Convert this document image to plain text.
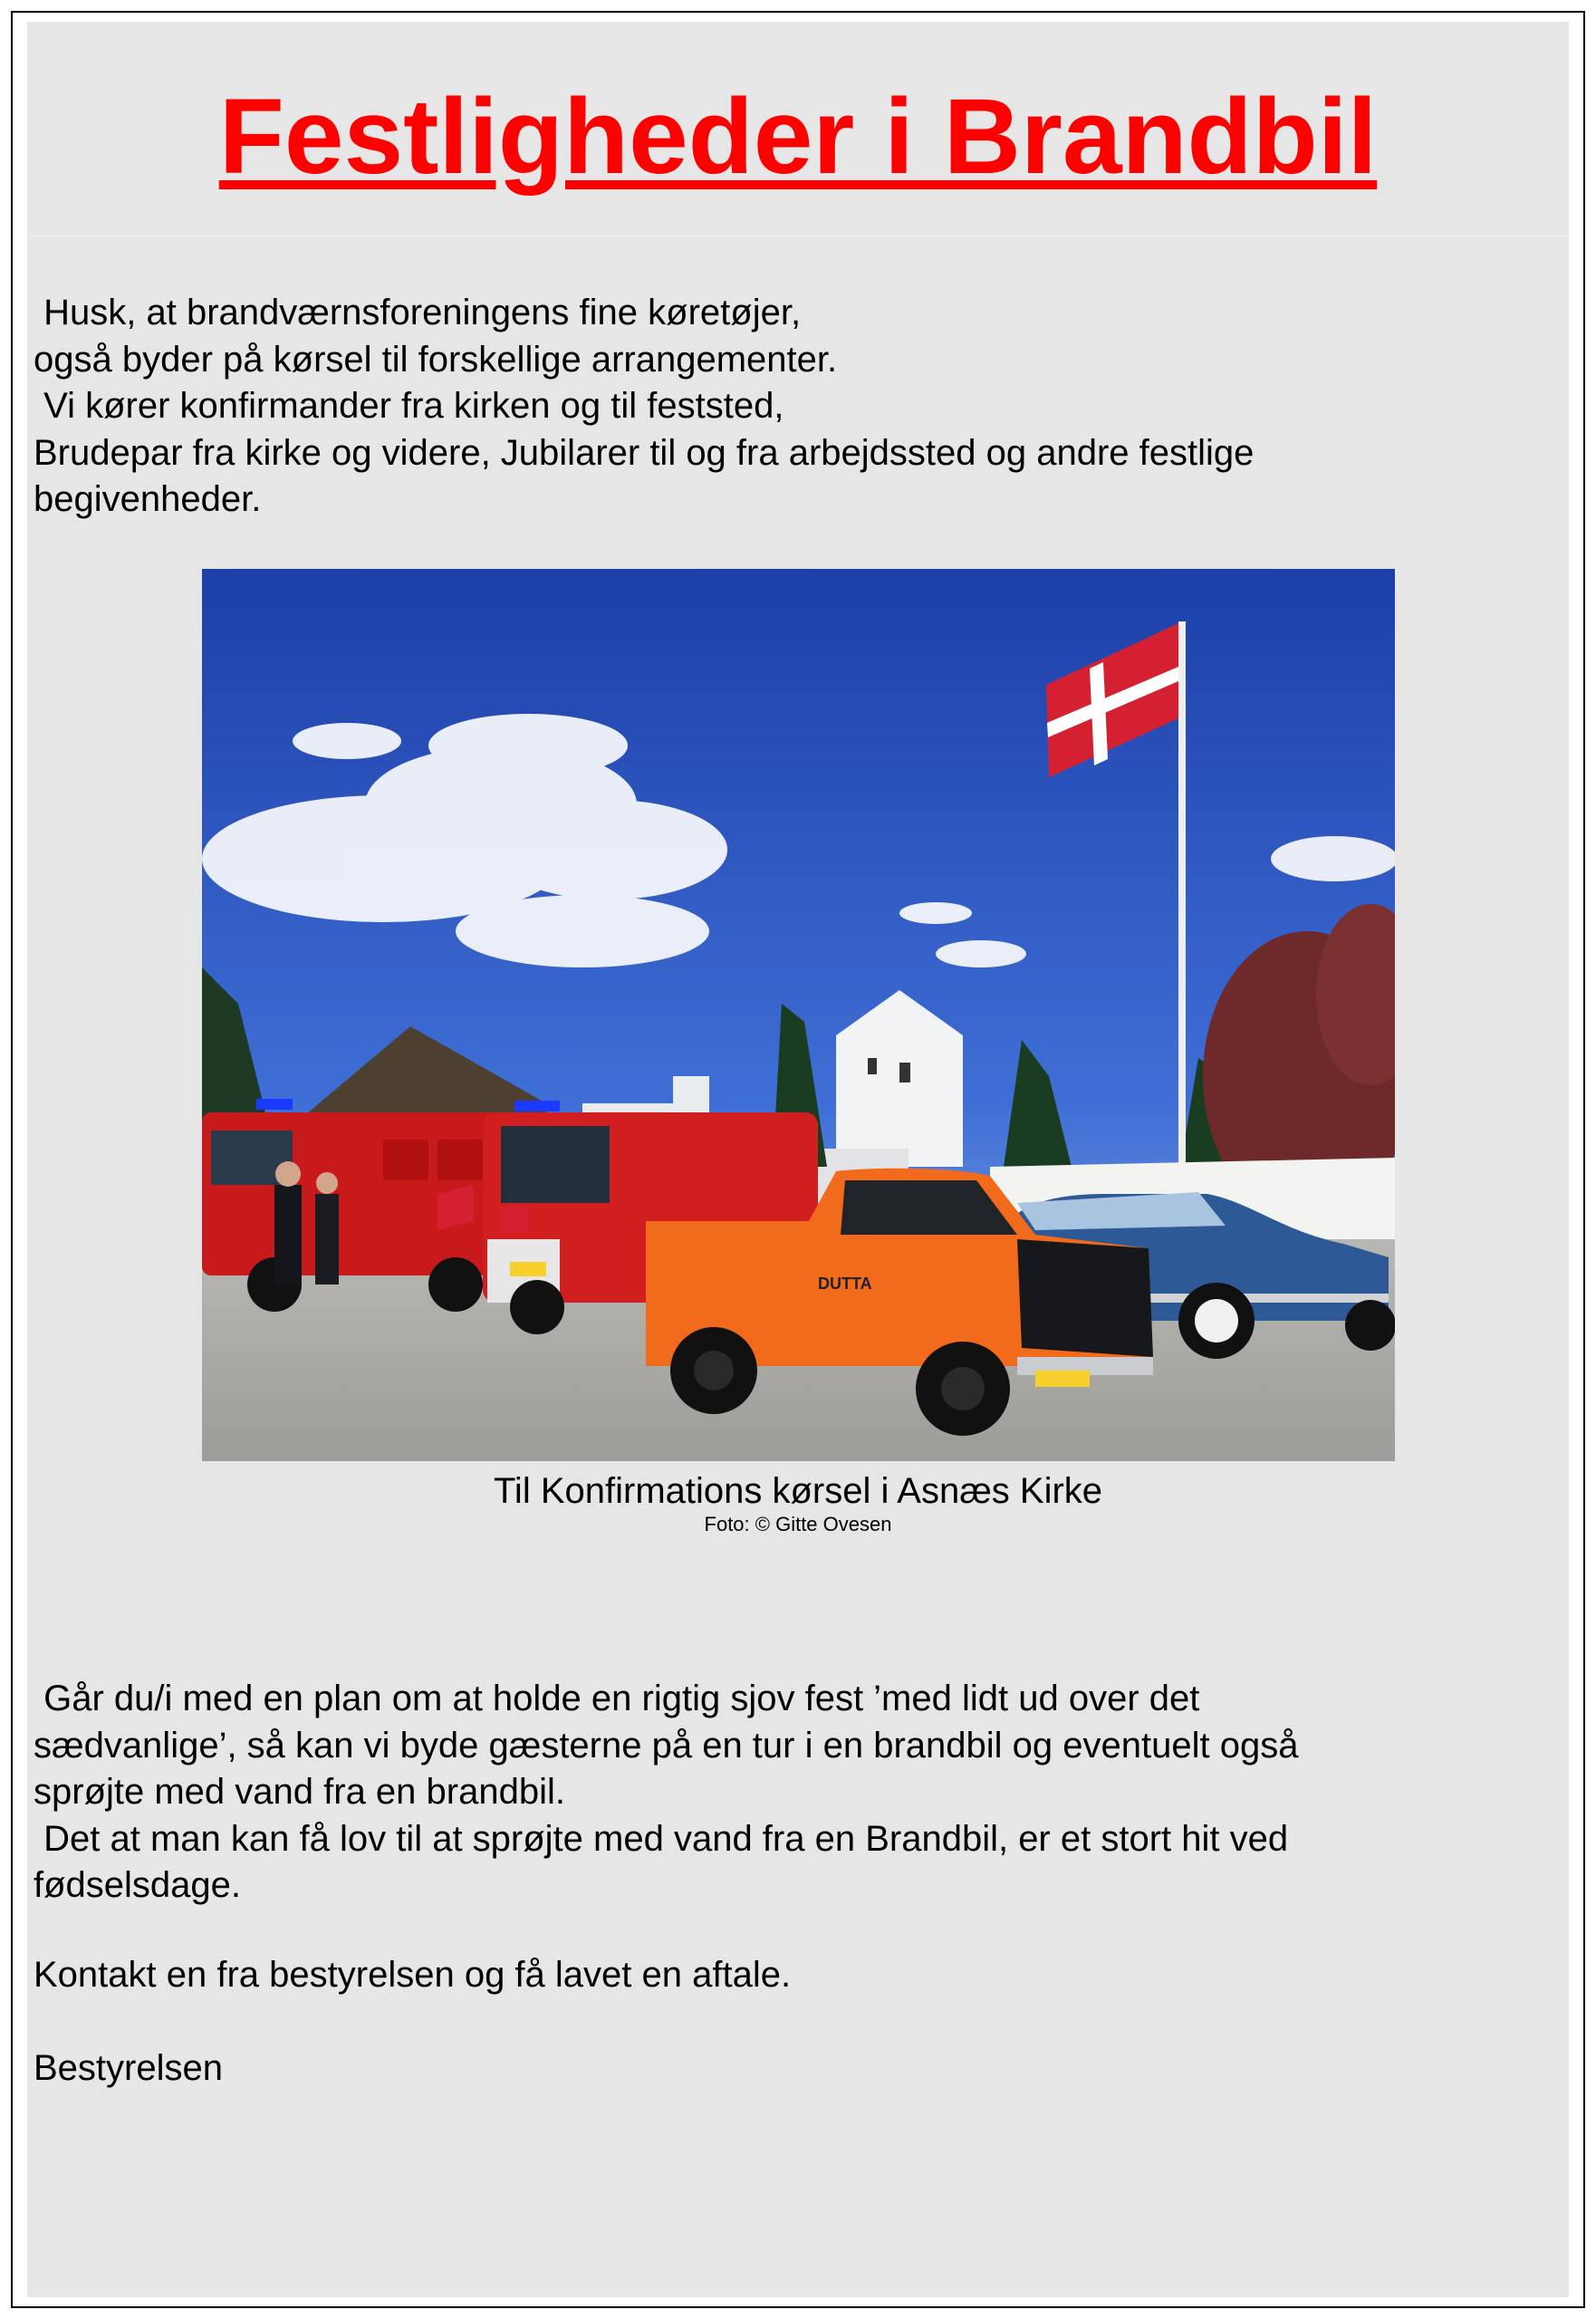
Festligheder i Brandbil
Husk, at brandværnsforeningens fine køretøjer,
også byder på kørsel til forskellige arrangementer.
Vi kører konfirmander fra kirken og til feststed,
Brudepar fra kirke og videre, Jubilarer til og fra arbejdssted og andre festlige
begivenheder.
DUTTA
Til Konfirmations kørsel i Asnæs Kirke
Foto: © Gitte Ovesen
Går du/i med en plan om at holde en rigtig sjov fest ’med lidt ud over det
sædvanlige’, så kan vi byde gæsterne på en tur i en brandbil og eventuelt også
sprøjte med vand fra en brandbil.
Det at man kan få lov til at sprøjte med vand fra en Brandbil, er et stort hit ved
fødselsdage.

Kontakt en fra bestyrelsen og få lavet en aftale.

Bestyrelsen
